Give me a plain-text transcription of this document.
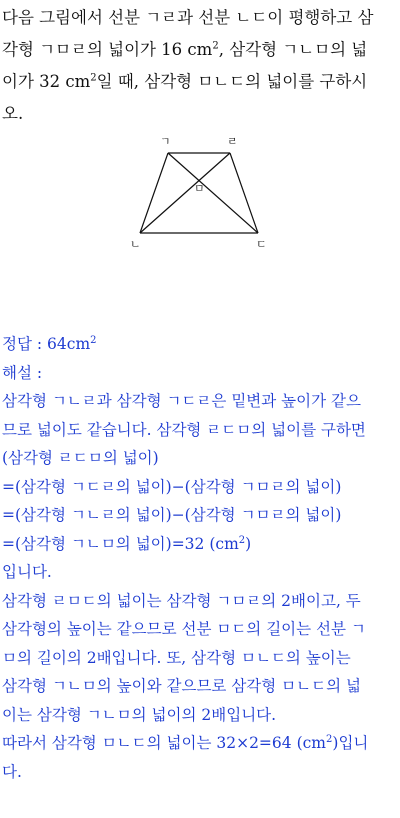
다음 그림에서 선분 ㄱㄹ과 선분 ㄴㄷ이 평행하고 삼
각형 ㄱㅁㄹ의 넓이가 16 $cm^2$, 삼각형 ㄱㄴㅁ의 넓
이가 32 $cm^2$일 때, 삼각형 ㅁㄴㄷ의 넓이를 구하시
오.
ㄱ	ㄹ
ㅁ
ㄴ	ㄷ
정답 : $64cm^2$
해설 :
삼각형 ㄱㄴㄹ과 삼각형 ㄱㄷㄹ은 밑변과 높이가 같으
므로 넓이도 같습니다. 삼각형 ㄹㄷㅁ의 넓이를 구하면
(삼각형 ㄹㄷㅁ의 넓이)
=(삼각형 ㄱㄷㄹ의 넓이)−(삼각형 ㄱㅁㄹ의 넓이)
=(삼각형 ㄱㄴㄹ의 넓이)−(삼각형 ㄱㅁㄹ의 넓이)
=(삼각형 ㄱㄴㅁ의 넓이)=32 $(cm^2)$
입니다.
삼각형 ㄹㅁㄷ의 넓이는 삼각형 ㄱㅁㄹ의 2배이고, 두
삼각형의 높이는 같으므로 선분 ㅁㄷ의 길이는 선분 ㄱ
ㅁ의 길이의 2배입니다. 또, 삼각형 ㅁㄴㄷ의 높이는
삼각형 ㄱㄴㅁ의 높이와 같으므로 삼각형 ㅁㄴㄷ의 넓
이는 삼각형 ㄱㄴㅁ의 넓이의 2배입니다.
따라서 삼각형 ㅁㄴㄷ의 넓이는 32×2=64 $(cm^2)$입니
다.
